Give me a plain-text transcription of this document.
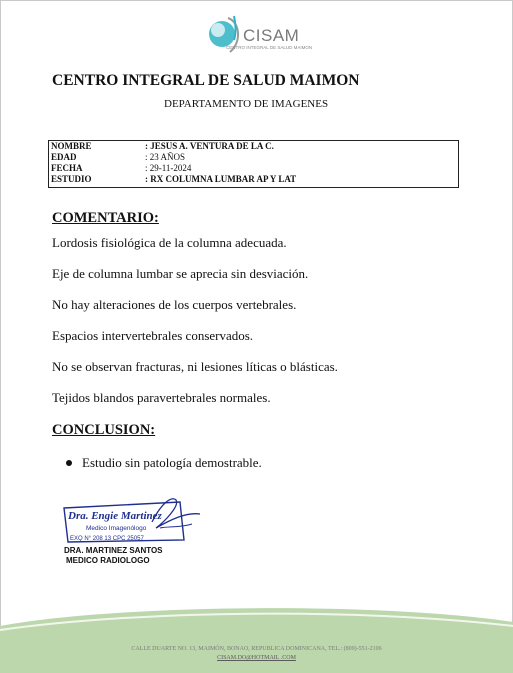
CISAM
CENTRO INTEGRAL DE SALUD MAIMON
CENTRO INTEGRAL DE SALUD MAIMON
DEPARTAMENTO DE IMAGENES
NOMBRE	: JESUS A. VENTURA DE LA C.
EDAD	: 23 AÑOS
FECHA	: 29-11-2024
ESTUDIO	: RX COLUMNA LUMBAR AP Y LAT
COMENTARIO:
Lordosis fisiológica de la columna adecuada.
Eje de columna lumbar se aprecia sin desviación.
No hay alteraciones de los cuerpos vertebrales.
Espacios intervertebrales conservados.
No se observan fracturas, ni lesiones líticas o blásticas.
Tejidos blandos paravertebrales normales.
CONCLUSION:
Estudio sin patología demostrable.
Dra. Engie Martinez
Medico Imagenólogo
EXQ N° 208 13 CPC 25057
DRA. MARTINEZ SANTOS
MEDICO RADIOLOGO
CALLE DUARTE NO. 13, MAIMÓN, BONAO, REPUBLICA DOMINICANA, TEL.: (809)-551-2106
CISAM.DO@HOTMAIL .COM
